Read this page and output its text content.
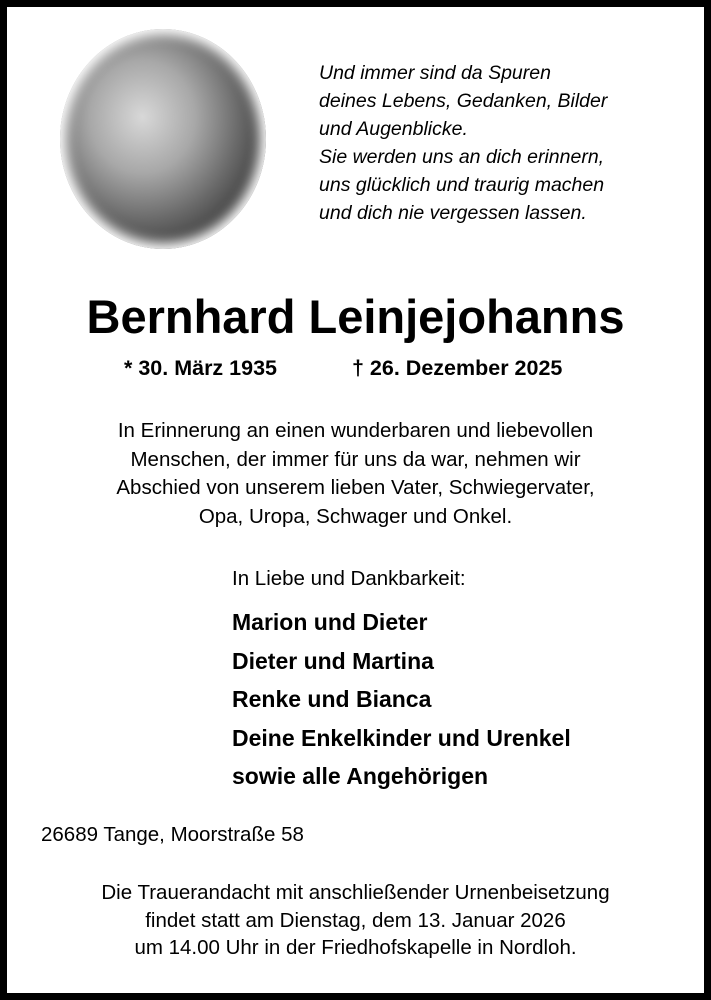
Und immer sind da Spuren
deines Lebens, Gedanken, Bilder
und Augenblicke.
Sie werden uns an dich erinnern,
uns glücklich und traurig machen
und dich nie vergessen lassen.
Bernhard Leinjejohanns
* 30. März 1935	† 26. Dezember 2025
In Erinnerung an einen wunderbaren und liebevollen
Menschen, der immer für uns da war, nehmen wir
Abschied von unserem lieben Vater, Schwiegervater,
Opa, Uropa, Schwager und Onkel.
In Liebe und Dankbarkeit:
Marion und Dieter
Dieter und Martina
Renke und Bianca
Deine Enkelkinder und Urenkel
sowie alle Angehörigen
26689 Tange, Moorstraße 58
Die Trauerandacht mit anschließender Urnenbeisetzung
findet statt am Dienstag, dem 13. Januar 2026
um 14.00 Uhr in der Friedhofskapelle in Nordloh.
